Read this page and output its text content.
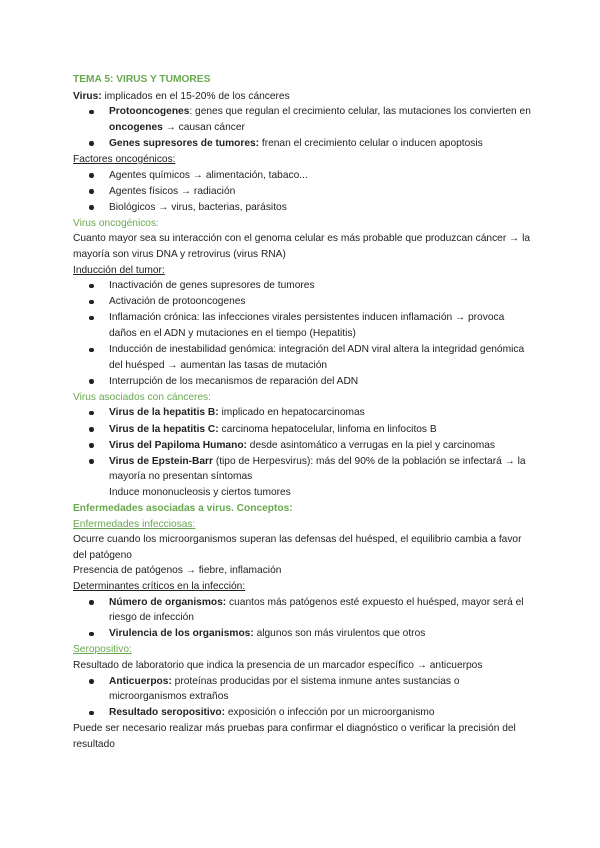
TEMA 5: VIRUS Y TUMORES

Virus: implicados en el 15-20% de los cánceres

Protooncogenes: genes que regulan el crecimiento celular, las mutaciones los convierten en oncogenes → causan cáncer
Genes supresores de tumores: frenan el crecimiento celular o inducen apoptosis

Factores oncogénicos:

Agentes químicos → alimentación, tabaco...
Agentes físicos → radiación
Biológicos → virus, bacterias, parásitos

Virus oncogénicos:

Cuanto mayor sea su interacción con el genoma celular es más probable que produzcan cáncer → la mayoría son virus DNA y retrovirus (virus RNA)

Inducción del tumor:

Inactivación de genes supresores de tumores
Activación de protooncogenes
Inflamación crónica: las infecciones virales persistentes inducen inflamación → provoca daños en el ADN y mutaciones en el tiempo (Hepatitis)
Inducción de inestabilidad genómica: integración del ADN viral altera la integridad genómica del huésped → aumentan las tasas de mutación
Interrupción de los mecanismos de reparación del ADN

Virus asociados con cánceres:

Virus de la hepatitis B: implicado en hepatocarcinomas
Virus de la hepatitis C: carcinoma hepatocelular, linfoma en linfocitos B
Virus del Papiloma Humano: desde asintomático a verrugas en la piel y carcinomas
Virus de Epstein-Barr (tipo de Herpesvirus): más del 90% de la población se infectará → la mayoría no presentan síntomas

Induce mononucleosis y ciertos tumores

Enfermedades asociadas a virus. Conceptos:

Enfermedades infecciosas:

Ocurre cuando los microorganismos superan las defensas del huésped, el equilibrio cambia a favor del patógeno

Presencia de patógenos → fiebre, inflamación

Determinantes críticos en la infección:

Número de organismos: cuantos más patógenos esté expuesto el huésped, mayor será el riesgo de infección
Virulencia de los organismos: algunos son más virulentos que otros

Seropositivo:

Resultado de laboratorio que indica la presencia de un marcador específico → anticuerpos

Anticuerpos: proteínas producidas por el sistema inmune antes sustancias o microorganismos extraños
Resultado seropositivo: exposición o infección por un microorganismo

Puede ser necesario realizar más pruebas para confirmar el diagnóstico o verificar la precisión del resultado
